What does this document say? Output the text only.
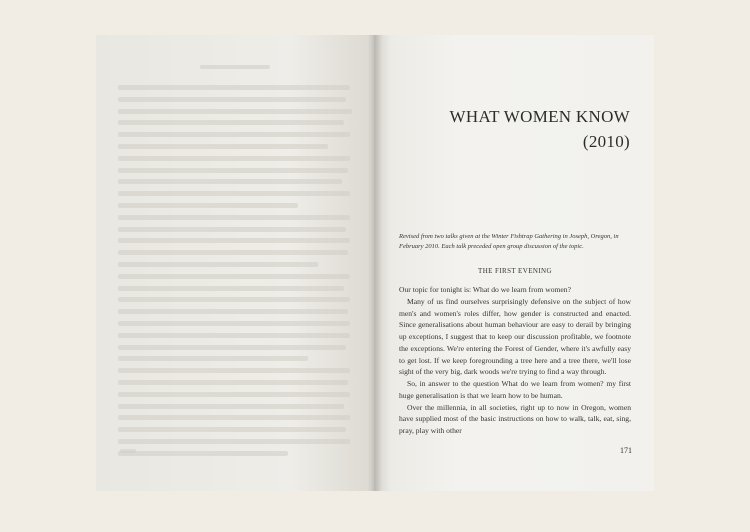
WHAT WOMEN KNOW
(2010)
Revised from two talks given at the Winter Fishtrap Gathering in Joseph, Oregon, in February 2010. Each talk preceded open group discussion of the topic.
THE FIRST EVENING

Our topic for tonight is: What do we learn from women?

Many of us find ourselves surprisingly defensive on the subject of how men's and women's roles differ, how gender is constructed and enacted. Since generalisations about human behaviour are easy to derail by bringing up exceptions, I suggest that to keep our discussion profitable, we footnote the exceptions. We're entering the Forest of Gender, where it's awfully easy to get lost. If we keep foregrounding a tree here and a tree there, we'll lose sight of the very big, dark woods we're trying to find a way through.

So, in answer to the question What do we learn from women? my first huge generalisation is that we learn how to be human.

Over the millennia, in all societies, right up to now in Oregon, women have supplied most of the basic instructions on how to walk, talk, eat, sing, pray, play with other

171
